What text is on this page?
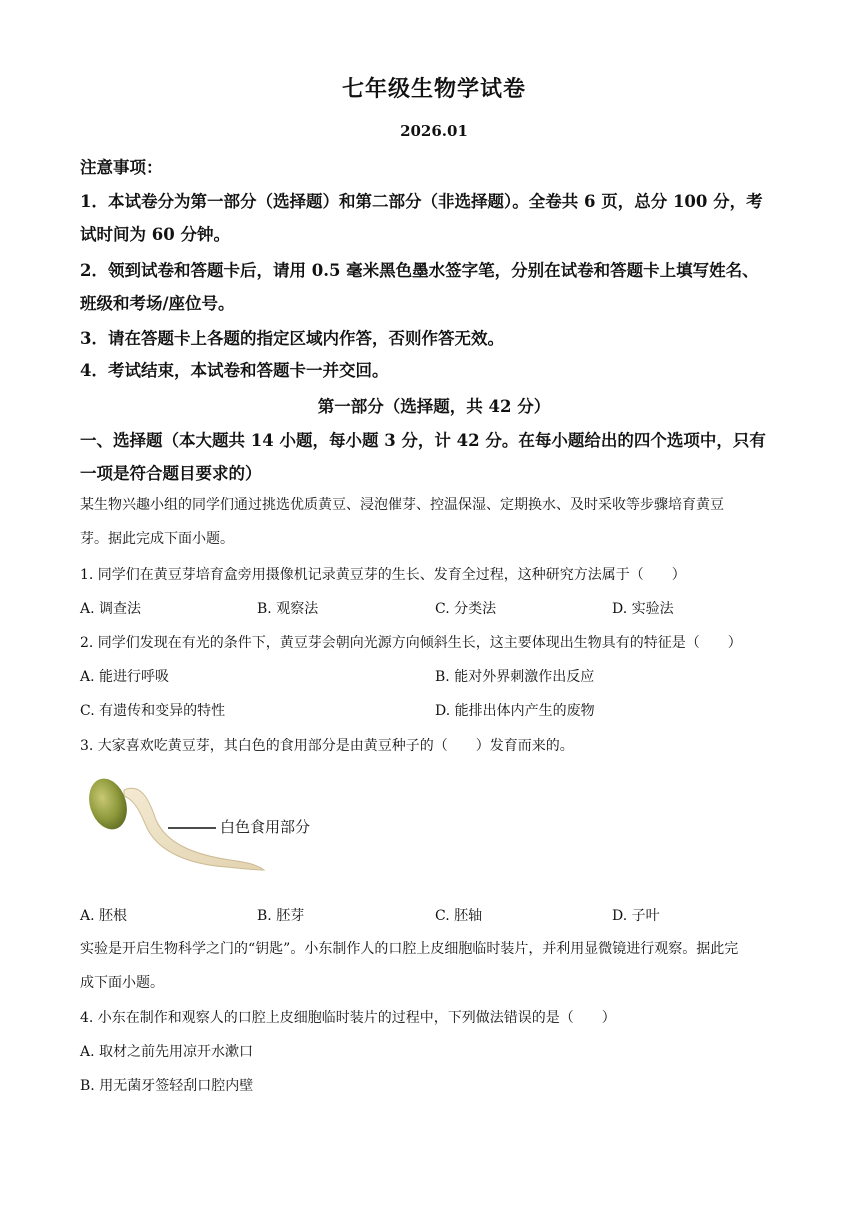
七年级生物学试卷
2026.01
注意事项：
1．本试卷分为第一部分（选择题）和第二部分（非选择题）。全卷共 6 页，总分 100 分，考
试时间为 60 分钟。
2．领到试卷和答题卡后，请用 0.5 毫米黑色墨水签字笔，分别在试卷和答题卡上填写姓名、
班级和考场/座位号。
3．请在答题卡上各题的指定区域内作答，否则作答无效。
4．考试结束，本试卷和答题卡一并交回。
第一部分（选择题，共 42 分）
一、选择题（本大题共 14 小题，每小题 3 分，计 42 分。在每小题给出的四个选项中，只有
一项是符合题目要求的）
某生物兴趣小组的同学们通过挑选优质黄豆、浸泡催芽、控温保湿、定期换水、及时采收等步骤培育黄豆
芽。据此完成下面小题。
1. 同学们在黄豆芽培育盒旁用摄像机记录黄豆芽的生长、发育全过程，这种研究方法属于（　　）
A. 调查法	B. 观察法	C. 分类法	D. 实验法
2. 同学们发现在有光的条件下，黄豆芽会朝向光源方向倾斜生长，这主要体现出生物具有的特征是（　　）
A. 能进行呼吸	B. 能对外界刺激作出反应
C. 有遗传和变异的特性	D. 能排出体内产生的废物
3. 大家喜欢吃黄豆芽，其白色的食用部分是由黄豆种子的（　　）发育而来的。
白色食用部分
A. 胚根	B. 胚芽	C. 胚轴	D. 子叶
实验是开启生物科学之门的“钥匙”。小东制作人的口腔上皮细胞临时装片，并利用显微镜进行观察。据此完
成下面小题。
4. 小东在制作和观察人的口腔上皮细胞临时装片的过程中，下列做法错误的是（　　）
A. 取材之前先用凉开水漱口
B. 用无菌牙签轻刮口腔内壁
